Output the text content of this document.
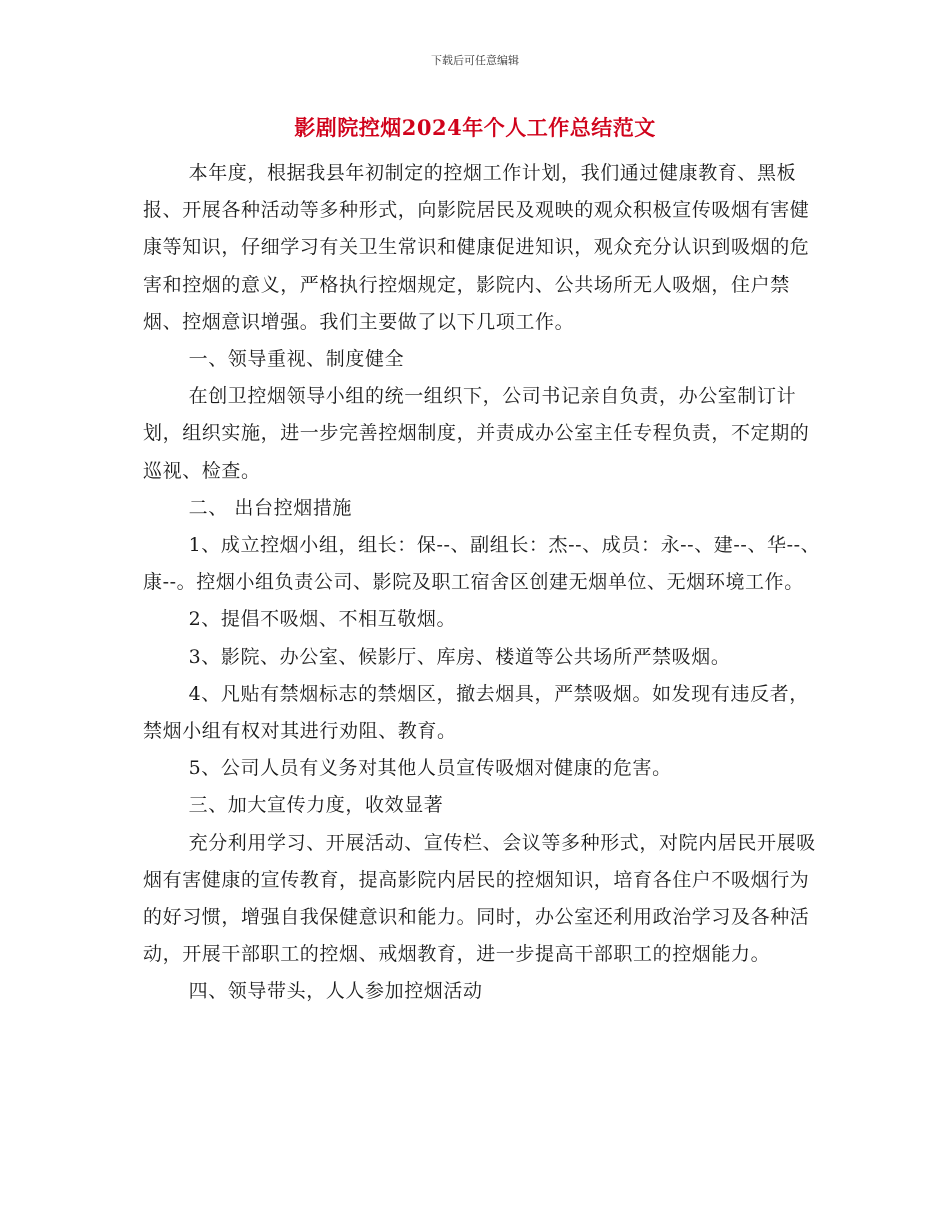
下载后可任意编辑
影剧院控烟2024年个人工作总结范文

本年度，根据我县年初制定的控烟工作计划，我们通过健康教育、黑板报、开展各种活动等多种形式，向影院居民及观映的观众积极宣传吸烟有害健康等知识，仔细学习有关卫生常识和健康促进知识，观众充分认识到吸烟的危害和控烟的意义，严格执行控烟规定，影院内、公共场所无人吸烟，住户禁烟、控烟意识增强。我们主要做了以下几项工作。

一、领导重视、制度健全

在创卫控烟领导小组的统一组织下，公司书记亲自负责，办公室制订计划，组织实施，进一步完善控烟制度，并责成办公室主任专程负责，不定期的巡视、检查。

二、 出台控烟措施

1、成立控烟小组，组长：保--、副组长：杰--、成员：永--、建--、华--、康--。控烟小组负责公司、影院及职工宿舍区创建无烟单位、无烟环境工作。

2、提倡不吸烟、不相互敬烟。

3、影院、办公室、候影厅、库房、楼道等公共场所严禁吸烟。

4、凡贴有禁烟标志的禁烟区，撤去烟具，严禁吸烟。如发现有违反者，禁烟小组有权对其进行劝阻、教育。

5、公司人员有义务对其他人员宣传吸烟对健康的危害。

三、加大宣传力度，收效显著

充分利用学习、开展活动、宣传栏、会议等多种形式，对院内居民开展吸烟有害健康的宣传教育，提高影院内居民的控烟知识，培育各住户不吸烟行为的好习惯，增强自我保健意识和能力。同时，办公室还利用政治学习及各种活动，开展干部职工的控烟、戒烟教育，进一步提高干部职工的控烟能力。

四、领导带头，人人参加控烟活动
